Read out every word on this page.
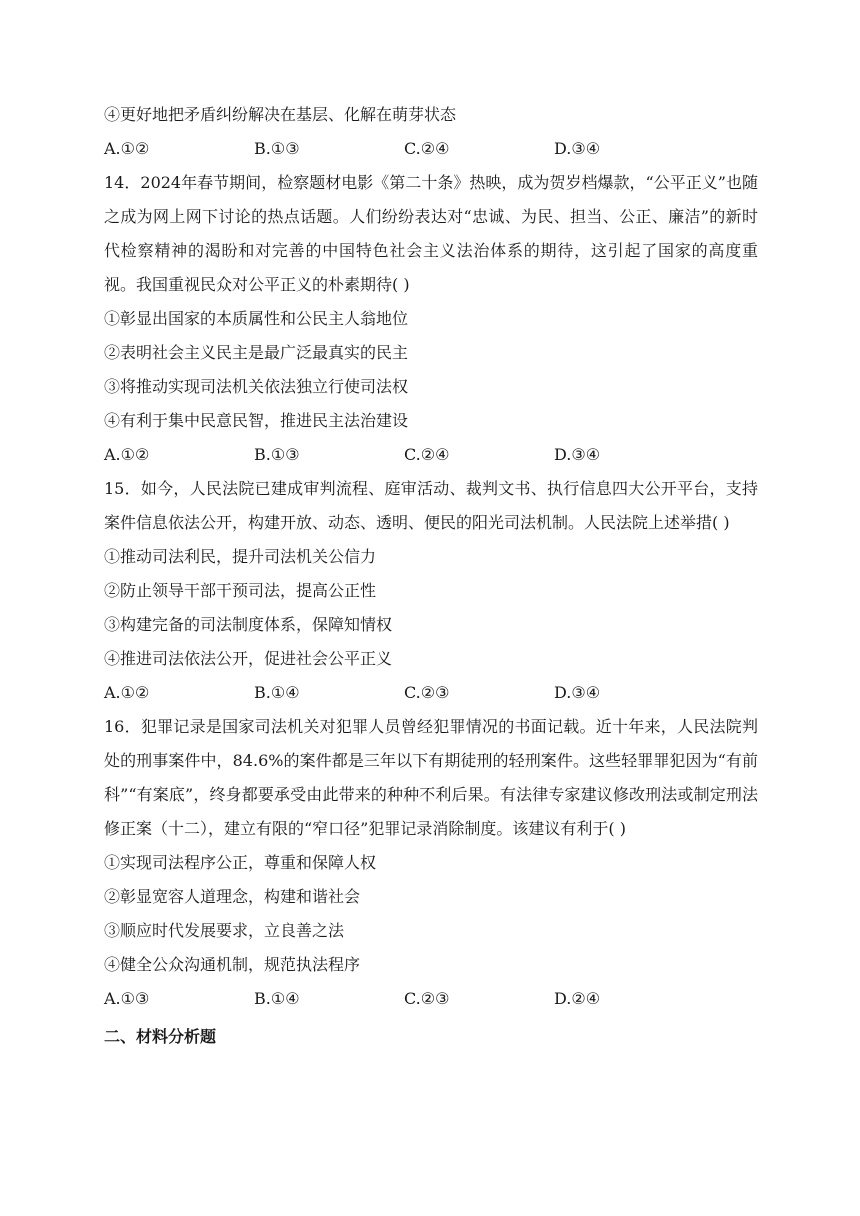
④更好地把矛盾纠纷解决在基层、化解在萌芽状态
A.①②	B.①③	C.②④	D.③④
14．2024年春节期间，检察题材电影《第二十条》热映，成为贺岁档爆款，“公平正义”也随之成为网上网下讨论的热点话题。人们纷纷表达对“忠诚、为民、担当、公正、廉洁”的新时代检察精神的渴盼和对完善的中国特色社会主义法治体系的期待，这引起了国家的高度重视。我国重视民众对公平正义的朴素期待( )
①彰显出国家的本质属性和公民主人翁地位
②表明社会主义民主是最广泛最真实的民主
③将推动实现司法机关依法独立行使司法权
④有利于集中民意民智，推进民主法治建设
A.①②	B.①③	C.②④	D.③④
15．如今，人民法院已建成审判流程、庭审活动、裁判文书、执行信息四大公开平台，支持案件信息依法公开，构建开放、动态、透明、便民的阳光司法机制。人民法院上述举措( )
①推动司法利民，提升司法机关公信力
②防止领导干部干预司法，提高公正性
③构建完备的司法制度体系，保障知情权
④推进司法依法公开，促进社会公平正义
A.①②	B.①④	C.②③	D.③④
16．犯罪记录是国家司法机关对犯罪人员曾经犯罪情况的书面记载。近十年来，人民法院判处的刑事案件中，84.6%的案件都是三年以下有期徒刑的轻刑案件。这些轻罪罪犯因为“有前科”“有案底”，终身都要承受由此带来的种种不利后果。有法律专家建议修改刑法或制定刑法修正案（十二），建立有限的“窄口径”犯罪记录消除制度。该建议有利于( )
①实现司法程序公正，尊重和保障人权
②彰显宽容人道理念，构建和谐社会
③顺应时代发展要求，立良善之法
④健全公众沟通机制，规范执法程序
A.①③	B.①④	C.②③	D.②④
二、材料分析题
